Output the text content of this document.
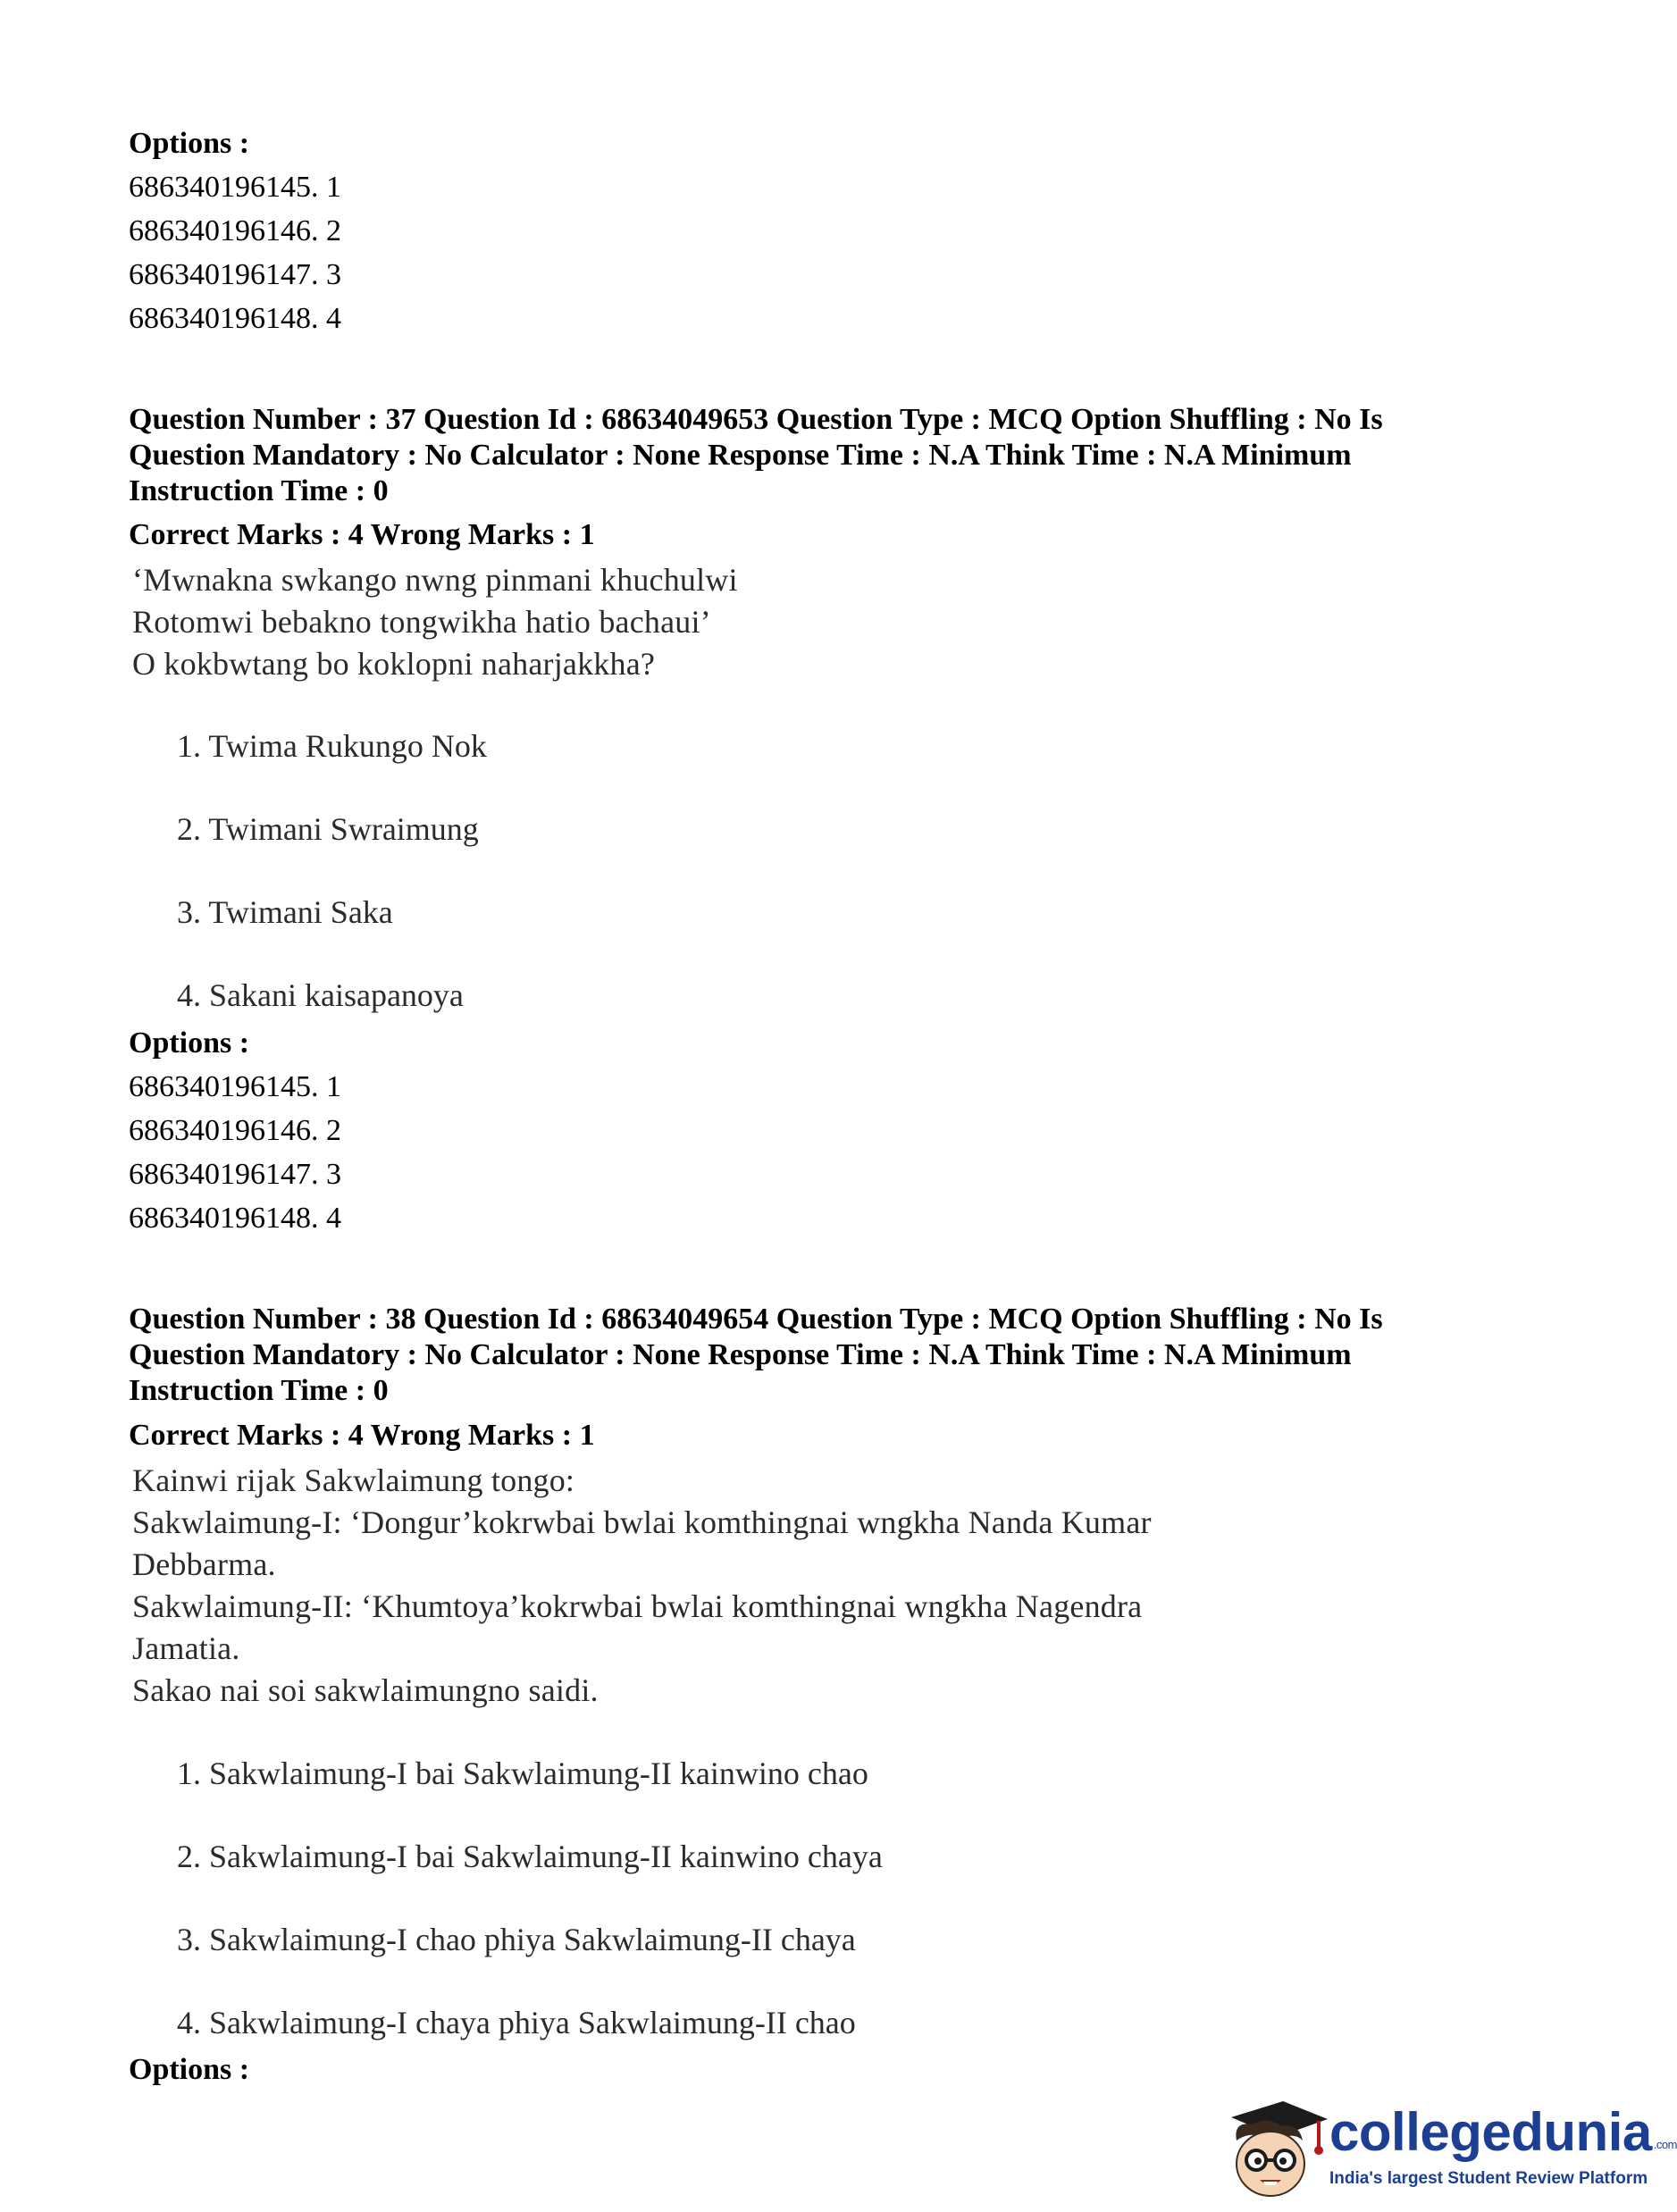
Options :
686340196145. 1
686340196146. 2
686340196147. 3
686340196148. 4
Question Number : 37 Question Id : 68634049653 Question Type : MCQ Option Shuffling : No Is
Question Mandatory : No Calculator : None Response Time : N.A Think Time : N.A Minimum
Instruction Time : 0
Correct Marks : 4 Wrong Marks : 1
‘Mwnakna swkango nwng pinmani khuchulwi
Rotomwi bebakno tongwikha hatio bachaui’
O kokbwtang bo koklopni naharjakkha?
1. Twima Rukungo Nok
2. Twimani Swraimung
3. Twimani Saka
4. Sakani kaisapanoya
Options :
686340196145. 1
686340196146. 2
686340196147. 3
686340196148. 4
Question Number : 38 Question Id : 68634049654 Question Type : MCQ Option Shuffling : No Is
Question Mandatory : No Calculator : None Response Time : N.A Think Time : N.A Minimum
Instruction Time : 0
Correct Marks : 4 Wrong Marks : 1
Kainwi rijak Sakwlaimung tongo:
Sakwlaimung-I: ‘Dongur’kokrwbai bwlai komthingnai wngkha Nanda Kumar
Debbarma.
Sakwlaimung-II: ‘Khumtoya’kokrwbai bwlai komthingnai wngkha Nagendra
Jamatia.
Sakao nai soi sakwlaimungno saidi.
1. Sakwlaimung-I bai Sakwlaimung-II kainwino chao
2. Sakwlaimung-I bai Sakwlaimung-II kainwino chaya
3. Sakwlaimung-I chao phiya Sakwlaimung-II chaya
4. Sakwlaimung-I chaya phiya Sakwlaimung-II chao
Options :
collegedunia $^{.com}$
India's largest Student Review Platform
